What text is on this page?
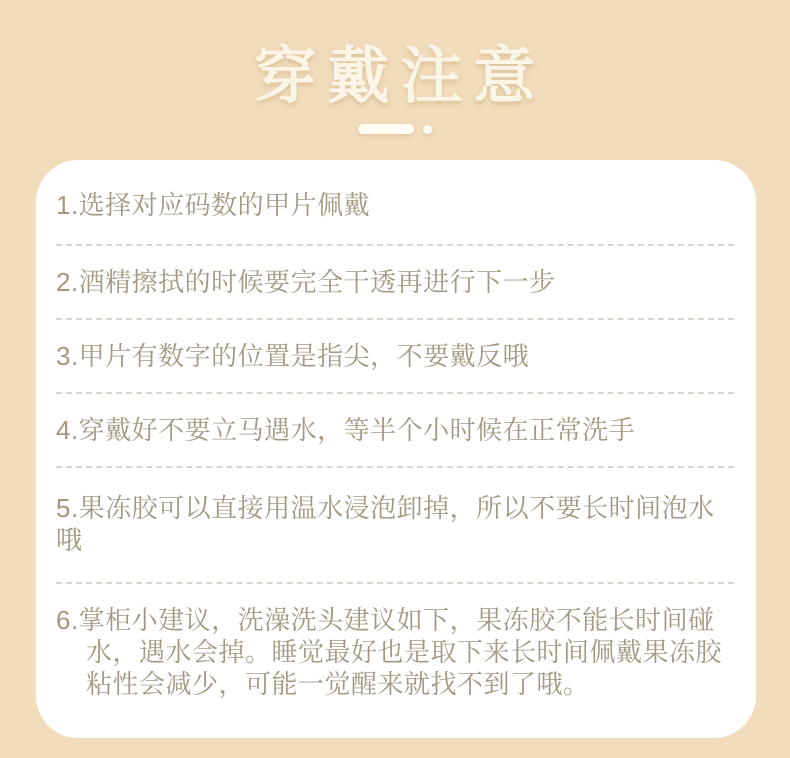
穿戴注意
1.选择对应码数的甲片佩戴
2.酒精擦拭的时候要完全干透再进行下一步
3.甲片有数字的位置是指尖，不要戴反哦
4.穿戴好不要立马遇水，等半个小时候在正常洗手
5.果冻胶可以直接用温水浸泡卸掉，所以不要长时间泡水哦
6.掌柜小建议，洗澡洗头建议如下，果冻胶不能长时间碰水，遇水会掉。睡觉最好也是取下来长时间佩戴果冻胶粘性会减少，可能一觉醒来就找不到了哦。
